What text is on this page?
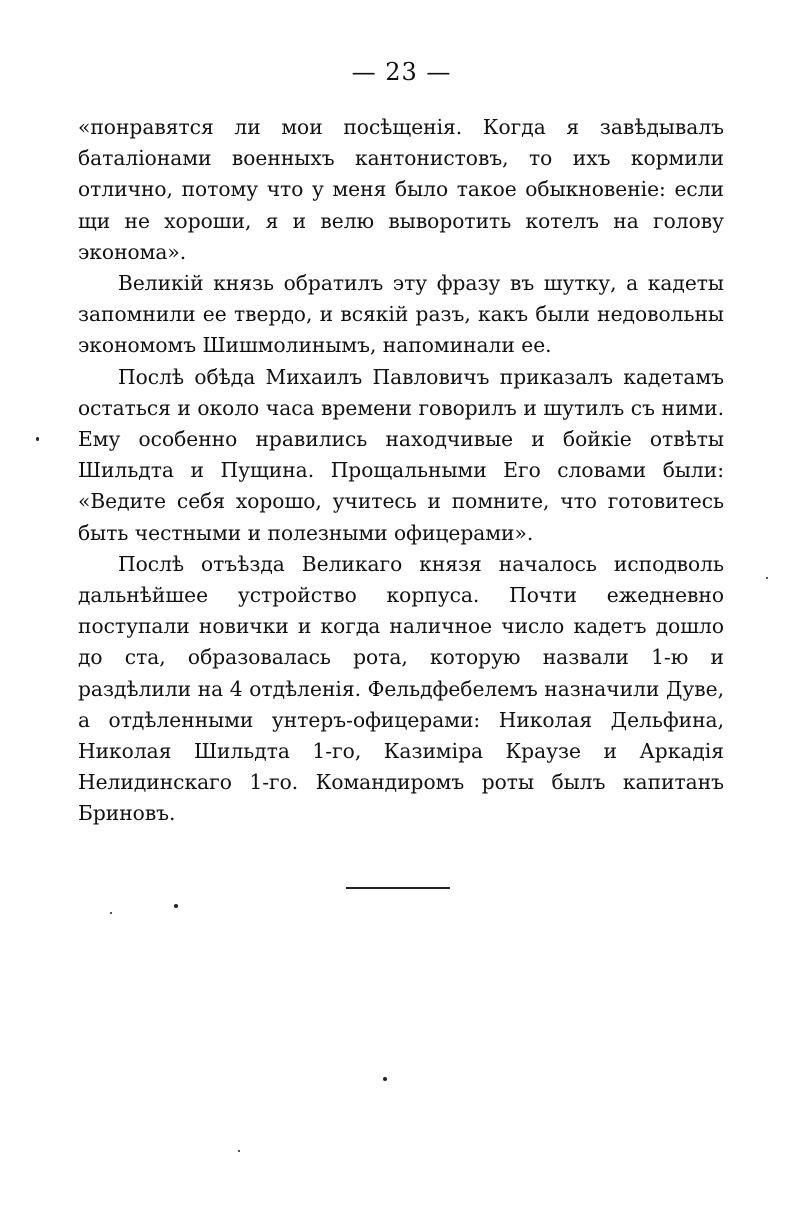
— 23 —

«понравятся ли мои посѣщенія. Когда я завѣдывалъ баталіонами военныхъ кантонистовъ, то ихъ кормили отлично, потому что у меня было такое обыкновеніе: если щи не хороши, я и велю выворотить котелъ на голову эконома».

Великій князь обратилъ эту фразу въ шутку, а кадеты запомнили ее твердо, и всякій разъ, какъ были недовольны экономомъ Шишмолинымъ, напоминали ее.

Послѣ обѣда Михаилъ Павловичъ приказалъ кадетамъ остаться и около часа времени говорилъ и шутилъ съ ними. Ему особенно нравились находчивые и бойкіе отвѣты Шильдта и Пущина. Прощальными Его словами были: «Ведите себя хорошо, учитесь и помните, что готовитесь быть честными и полезными офицерами».

Послѣ отъѣзда Великаго князя началось исподволь дальнѣйшее устройство корпуса. Почти ежедневно поступали новички и когда наличное число кадетъ дошло до ста, образовалась рота, которую назвали 1-ю и раздѣлили на 4 отдѣленія. Фельдфебелемъ назначили Дуве, а отдѣленными унтеръ-офицерами: Николая Дельфина, Николая Шильдта 1-го, Казиміра Краузе и Аркадія Нелидинскаго 1-го. Командиромъ роты былъ капитанъ Бриновъ.
